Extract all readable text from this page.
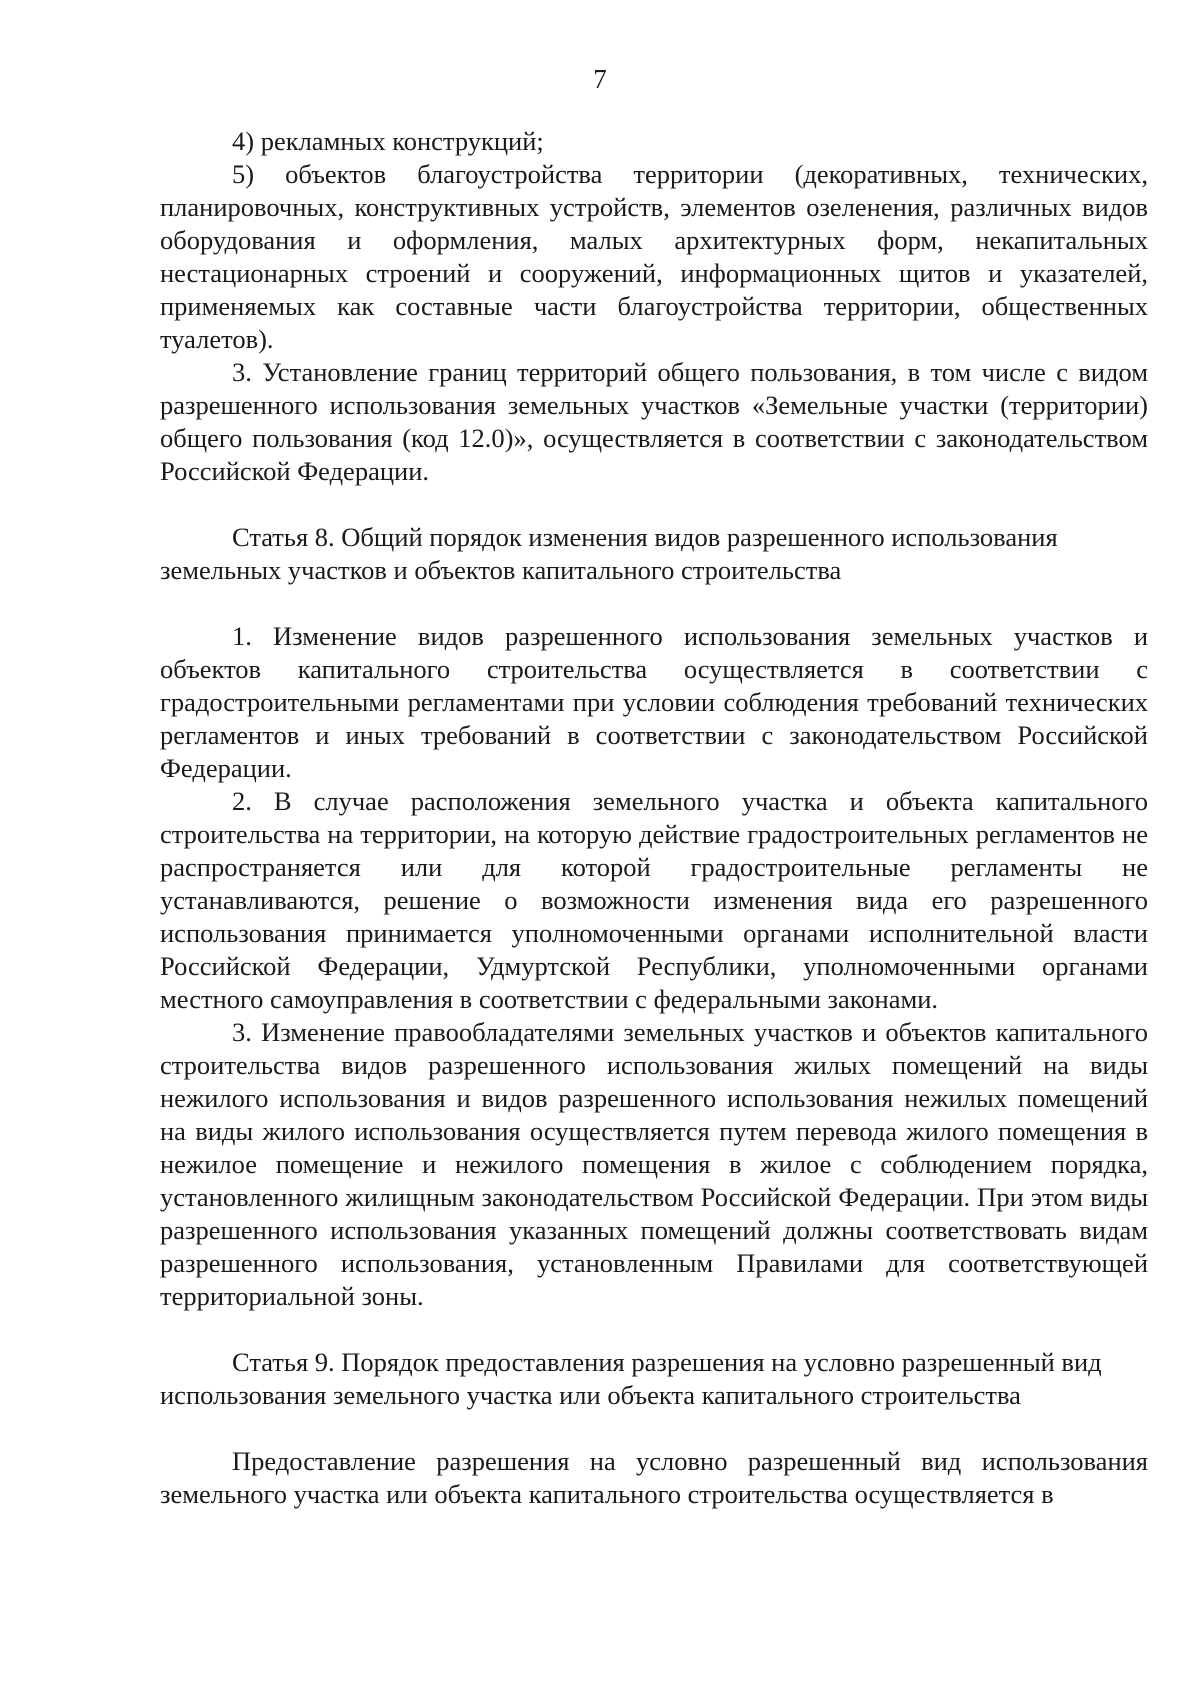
7

4) рекламных конструкций;

5) объектов благоустройства территории (декоративных, технических, планировочных, конструктивных устройств, элементов озеленения, различных видов оборудования и оформления, малых архитектурных форм, некапитальных нестационарных строений и сооружений, информационных щитов и указателей, применяемых как составные части благоустройства территории, общественных туалетов).

3. Установление границ территорий общего пользования, в том числе с видом разрешенного использования земельных участков «Земельные участки (территории) общего пользования (код 12.0)», осуществляется в соответствии с законодательством Российской Федерации.

Статья 8. Общий порядок изменения видов разрешенного использования земельных участков и объектов капитального строительства

1. Изменение видов разрешенного использования земельных участков и объектов капитального строительства осуществляется в соответствии с градостроительными регламентами при условии соблюдения требований технических регламентов и иных требований в соответствии с законодательством Российской Федерации.

2. В случае расположения земельного участка и объекта капитального строительства на территории, на которую действие градостроительных регламентов не распространяется или для которой градостроительные регламенты не устанавливаются, решение о возможности изменения вида его разрешенного использования принимается уполномоченными органами исполнительной власти Российской Федерации, Удмуртской Республики, уполномоченными органами местного самоуправления в соответствии с федеральными законами.

3. Изменение правообладателями земельных участков и объектов капитального строительства видов разрешенного использования жилых помещений на виды нежилого использования и видов разрешенного использования нежилых помещений на виды жилого использования осуществляется путем перевода жилого помещения в нежилое помещение и нежилого помещения в жилое с соблюдением порядка, установленного жилищным законодательством Российской Федерации. При этом виды разрешенного использования указанных помещений должны соответствовать видам разрешенного использования, установленным Правилами для соответствующей территориальной зоны.

Статья 9. Порядок предоставления разрешения на условно разрешенный вид использования земельного участка или объекта капитального строительства

Предоставление разрешения на условно разрешенный вид использования земельного участка или объекта капитального строительства осуществляется в
